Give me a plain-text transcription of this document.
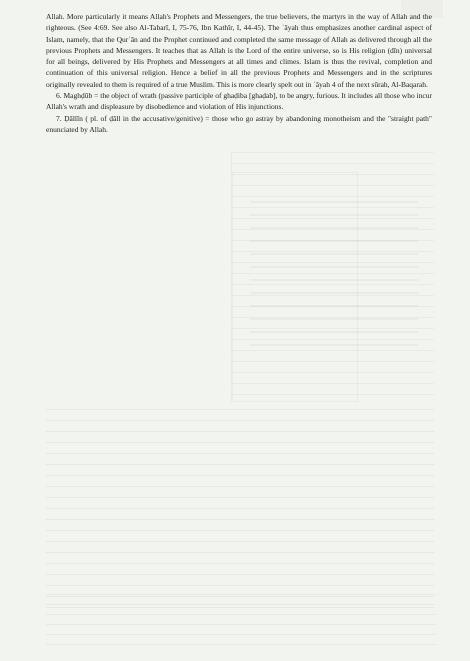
Allah. More particularly it means Allah's Prophets and Messengers, the true believers, the martyrs in the way of Allah and the righteous. (See 4:69. See also Al-Tabarī, I, 75-76, Ibn Kathīr, I, 44-45). The ʾāyah thus emphasizes another cardinal aspect of Islam, namely, that the Qurʾān and the Prophet continued and completed the same message of Allah as delivered through all the previous Prophets and Messengers. It teaches that as Allah is the Lord of the entire universe, so is His religion (dīn) universal for all beings, delivered by His Prophets and Messengers at all times and climes. Islam is thus the revival, completion and continuation of this universal religion. Hence a belief in all the previous Prophets and Messengers and in the scriptures originally revealed to them is required of a true Muslim. This is more clearly spelt out in ʾāyah 4 of the next sūrah, Al-Baqarah.

6. Maghḍūb = the object of wrath (passive participle of ghaḍiba [ghaḍab], to be angry, furious. It includes all those who incur Allah's wrath and displeasure by disobedience and violation of His injunctions.

7. Ḍāllīn ( pl. of ḍāll in the accusative/genitive) = those who go astray by abandoning monotheism and the "straight path" enunciated by Allah.
